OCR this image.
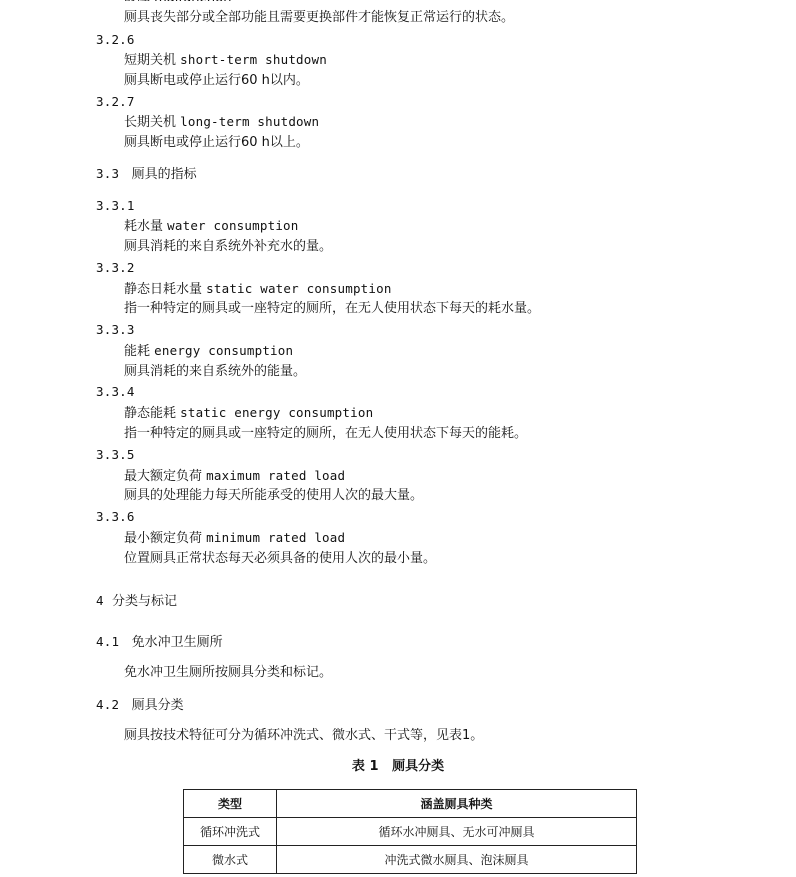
厕具丧失部分或全部功能且需要更换部件才能恢复正常运行的状态。
3.2.6
短期关机 short-term shutdown
厕具断电或停止运行60 h以内。
3.2.7
长期关机 long-term shutdown
厕具断电或停止运行60 h以上。
3.3 厕具的指标
3.3.1
耗水量 water consumption
厕具消耗的来自系统外补充水的量。
3.3.2
静态日耗水量 static water consumption
指一种特定的厕具或一座特定的厕所，在无人使用状态下每天的耗水量。
3.3.3
能耗 energy consumption
厕具消耗的来自系统外的能量。
3.3.4
静态能耗 static energy consumption
指一种特定的厕具或一座特定的厕所，在无人使用状态下每天的能耗。
3.3.5
最大额定负荷 maximum rated load
厕具的处理能力每天所能承受的使用人次的最大量。
3.3.6
最小额定负荷 minimum rated load
位置厕具正常状态每天必须具备的使用人次的最小量。
4 分类与标记
4.1 免水冲卫生厕所
免水冲卫生厕所按厕具分类和标记。
4.2 厕具分类
厕具按技术特征可分为循环冲洗式、微水式、干式等，见表1。
表 1   厕具分类
类型	涵盖厕具种类
循环冲洗式	循环水冲厕具、无水可冲厕具
微水式	冲洗式微水厕具、泡沫厕具
